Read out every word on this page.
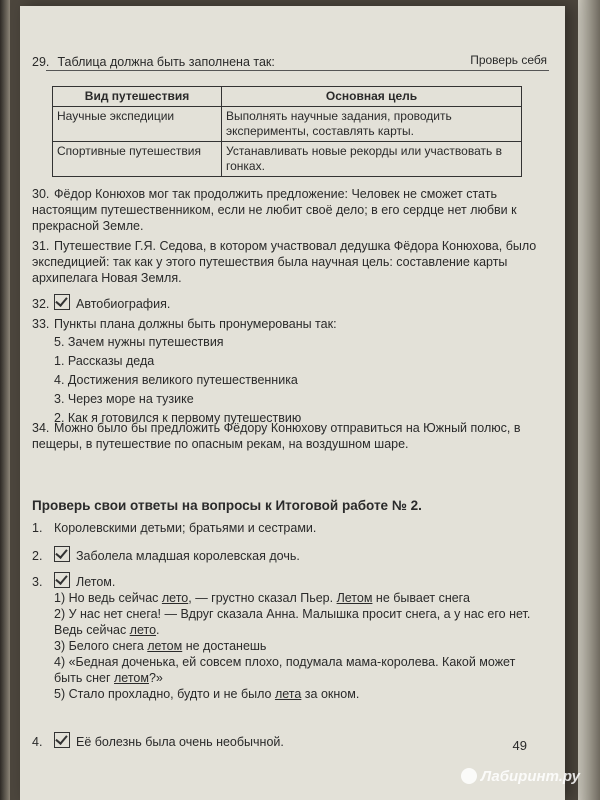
Проверь себя
29. Таблица должна быть заполнена так:
Вид путешествия	Основная цель
Научные экспедиции	Выполнять научные задания, проводить эксперименты, составлять карты.
Спортивные путешествия	Устанавливать новые рекорды или участвовать в гонках.
30. Фёдор Конюхов мог так продолжить предложение: Человек не сможет стать настоящим путешественником, если не любит своё дело; в его сердце нет любви к прекрасной Земле.
31. Путешествие Г.Я. Седова, в котором участвовал дедушка Фёдора Конюхова, было экспедицией: так как у этого путешествия была научная цель: составление карты архипелага Новая Земля.
32. Автобиография.
33. Пункты плана должны быть пронумерованы так:
5. Зачем нужны путешествия
1. Рассказы деда
4. Достижения великого путешественника
3. Через море на тузике
2. Как я готовился к первому путешествию
34. Можно было бы предложить Фёдору Конюхову отправиться на Южный полюс, в пещеры, в путешествие по опасным рекам, на воздушном шаре.
Проверь свои ответы на вопросы к Итоговой работе № 2.
1. Королевскими детьми; братьями и сестрами.
2.	Заболела младшая королевская дочь.
3.	Летом.
1) Но ведь сейчас лето, — грустно сказал Пьер. Летом не бывает снега
2) У нас нет снега! — Вдруг сказала Анна. Малышка просит снега, а у нас его нет. Ведь сейчас лето.
3) Белого снега летом не достанешь
4) «Бедная доченька, ей совсем плохо, подумала мама-королева. Какой может быть снег летом?»
5) Стало прохладно, будто и не было лета за окном.
4.	Её болезнь была очень необычной.	49
Лабиринт.ру
